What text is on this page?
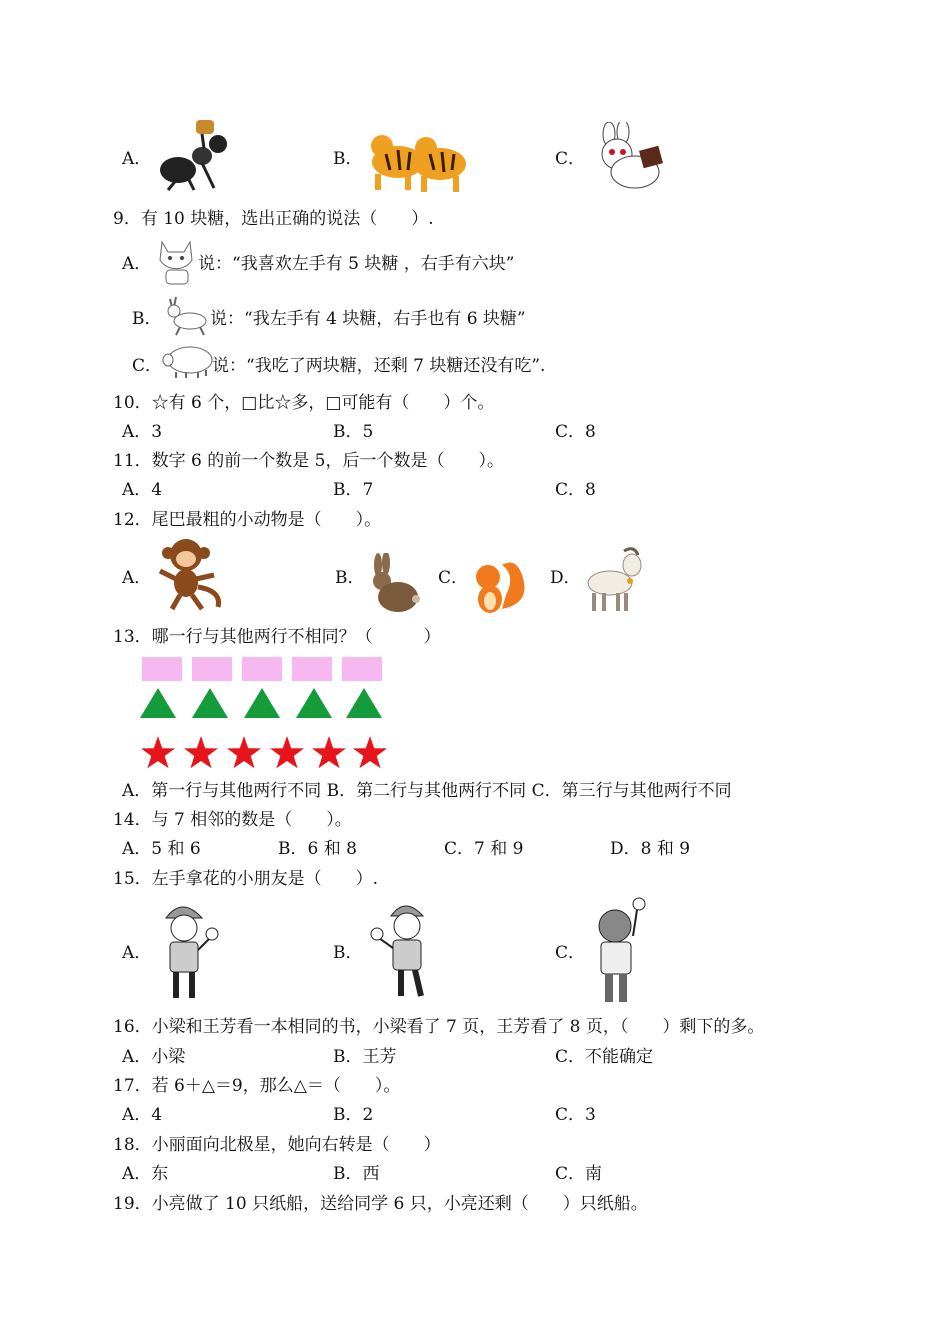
A．	B．	C．
9．有 10 块糖，选出正确的说法（　　）.
A．	说：“我喜欢左手有 5 块糖 ，右手有六块”
B．	说：“我左手有 4 块糖，右手也有 6 块糖”
C．	说：“我吃了两块糖，还剩 7 块糖还没有吃”.
10．☆有 6 个，□比☆多，□可能有（　　）个。
A．3	B．5	C．8
11．数字 6 的前一个数是 5，后一个数是（　　）。
A．4	B．7	C．8
12．尾巴最粗的小动物是（　　）。
A．	B．	C．	D．
13．哪一行与其他两行不相同？（　　　）
A．第一行与其他两行不同 B．第二行与其他两行不同 C．第三行与其他两行不同
14．与 7 相邻的数是（　　）。
A．5 和 6	B．6 和 8	C．7 和 9	D．8 和 9
15．左手拿花的小朋友是（　　）.
A．	B．	C．
16．小梁和王芳看一本相同的书，小梁看了 7 页，王芳看了 8 页，（　　）剩下的多。
A．小梁	B．王芳	C．不能确定
17．若 6＋△＝9，那么△＝（　　）。
A．4	B．2	C．3
18．小丽面向北极星，她向右转是（　　）
A．东	B．西	C．南
19．小亮做了 10 只纸船，送给同学 6 只，小亮还剩（　　）只纸船。
